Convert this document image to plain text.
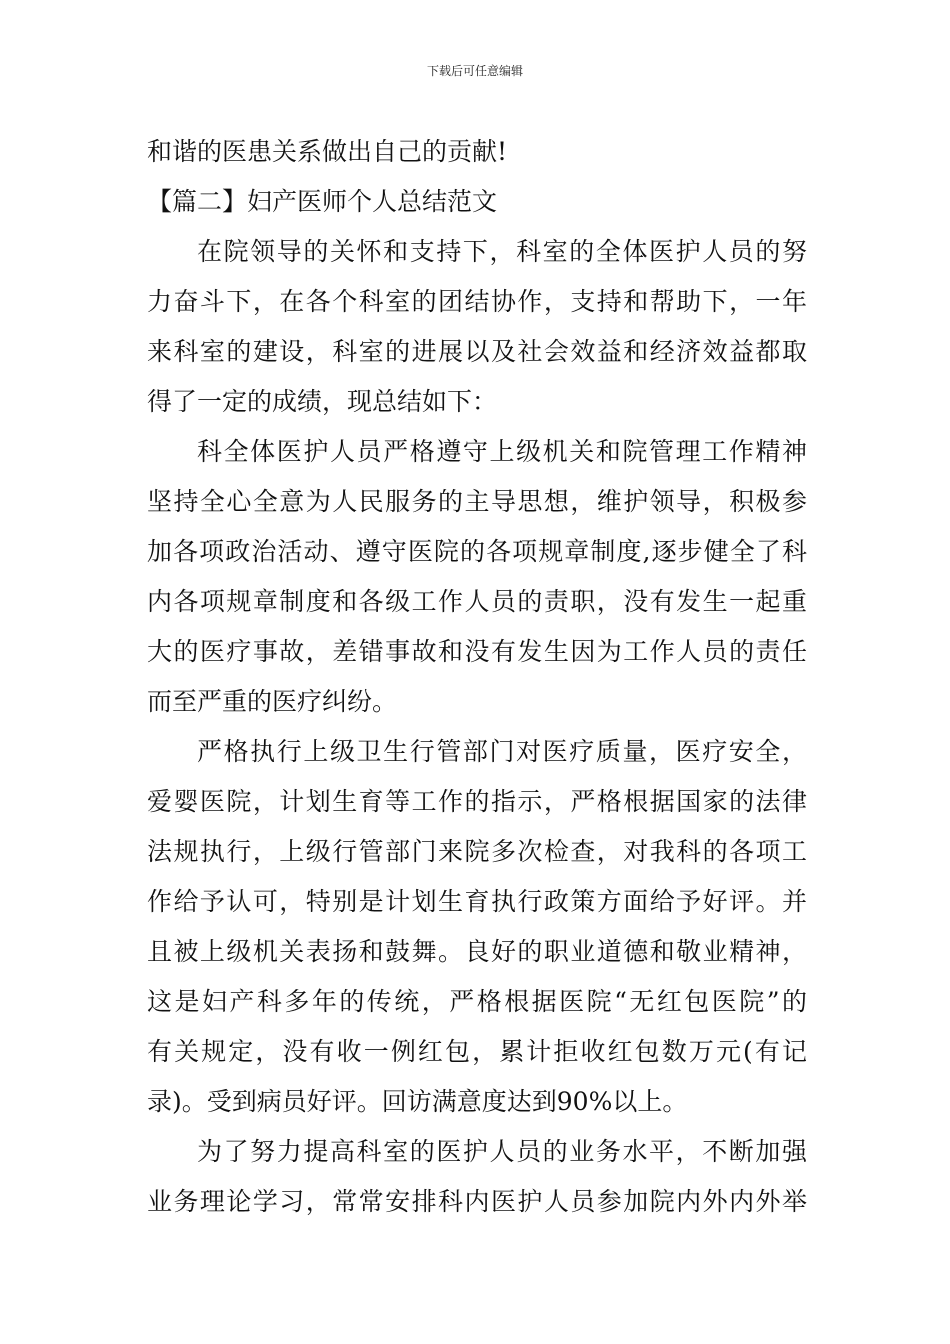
下载后可任意编辑
和谐的医患关系做出自己的贡献!
【篇二】妇产医师个人总结范文
在院领导的关怀和支持下，科室的全体医护人员的努
力奋斗下，在各个科室的团结协作，支持和帮助下，一年
来科室的建设，科室的进展以及社会效益和经济效益都取
得了一定的成绩，现总结如下：
科全体医护人员严格遵守上级机关和院管理工作精神
坚持全心全意为人民服务的主导思想，维护领导，积极参
加各项政治活动、遵守医院的各项规章制度,逐步健全了科
内各项规章制度和各级工作人员的责职，没有发生一起重
大的医疗事故，差错事故和没有发生因为工作人员的责任
而至严重的医疗纠纷。
严格执行上级卫生行管部门对医疗质量，医疗安全，
爱婴医院，计划生育等工作的指示，严格根据国家的法律
法规执行，上级行管部门来院多次检查，对我科的各项工
作给予认可，特别是计划生育执行政策方面给予好评。并
且被上级机关表扬和鼓舞。良好的职业道德和敬业精神，
这是妇产科多年的传统，严格根据医院“无红包医院”的
有关规定，没有收一例红包，累计拒收红包数万元(有记
录)。受到病员好评。回访满意度达到90%以上。
为了努力提高科室的医护人员的业务水平，不断加强
业务理论学习，常常安排科内医护人员参加院内外内外举
